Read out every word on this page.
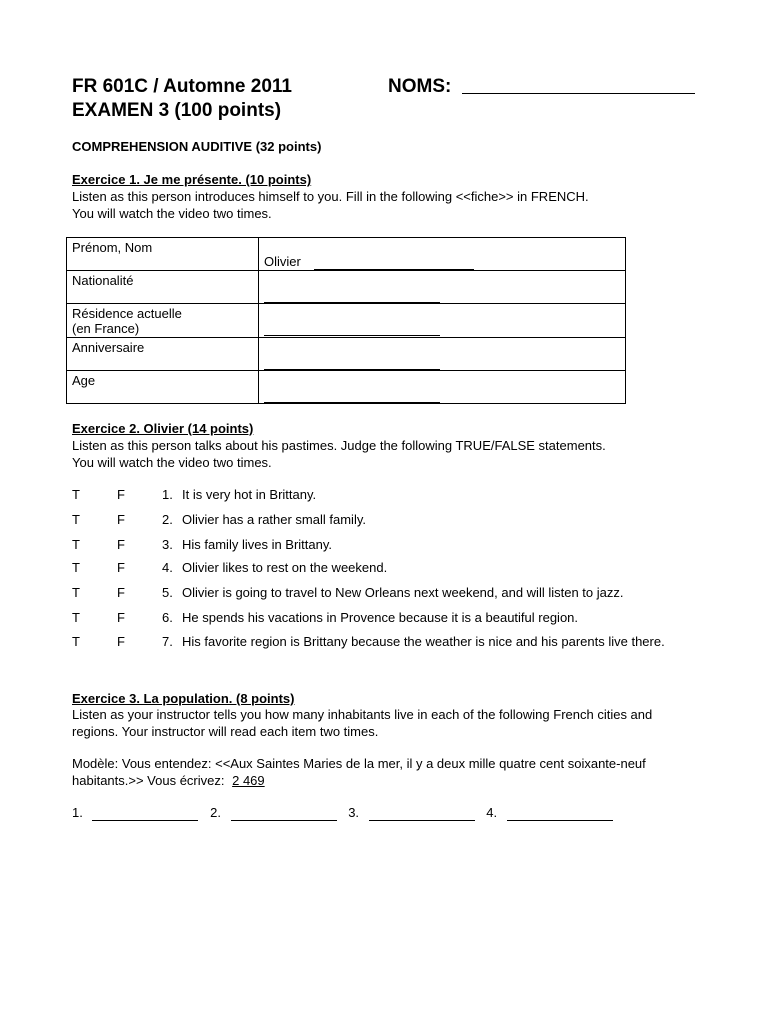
FR 601C / Automne 2011
EXAMEN 3 (100 points)
NOMS:
COMPREHENSION AUDITIVE (32 points)
Exercice 1. Je me présente. (10 points)
Listen as this person introduces himself to you. Fill in the following <<fiche>> in FRENCH.
You will watch the video two times.
Prénom, Nom	Olivier

Nationalité	

Résidence actuelle
(en France)	

Anniversaire	

Age	

Exercice 2. Olivier (14 points)
Listen as this person talks about his pastimes. Judge the following TRUE/FALSE statements.
You will watch the video two times.
T	F	1. It is very hot in Brittany.
T	F	2. Olivier has a rather small family.
T	F	3. His family lives in Brittany.
T	F	4. Olivier likes to rest on the weekend.
T	F	5. Olivier is going to travel to New Orleans next weekend, and will listen to jazz.
T	F	6. He spends his vacations in Provence because it is a beautiful region.
T	F	7. His favorite region is Brittany because the weather is nice and his parents live there.
Exercice 3. La population. (8 points)
Listen as your instructor tells you how many inhabitants live in each of the following French cities and
regions. Your instructor will read each item two times.
Modèle: Vous entendez: <<Aux Saintes Maries de la mer, il y a deux mille quatre cent soixante-neuf
habitants.>> Vous écrivez: 2 469
1.	2.	3.	4.
